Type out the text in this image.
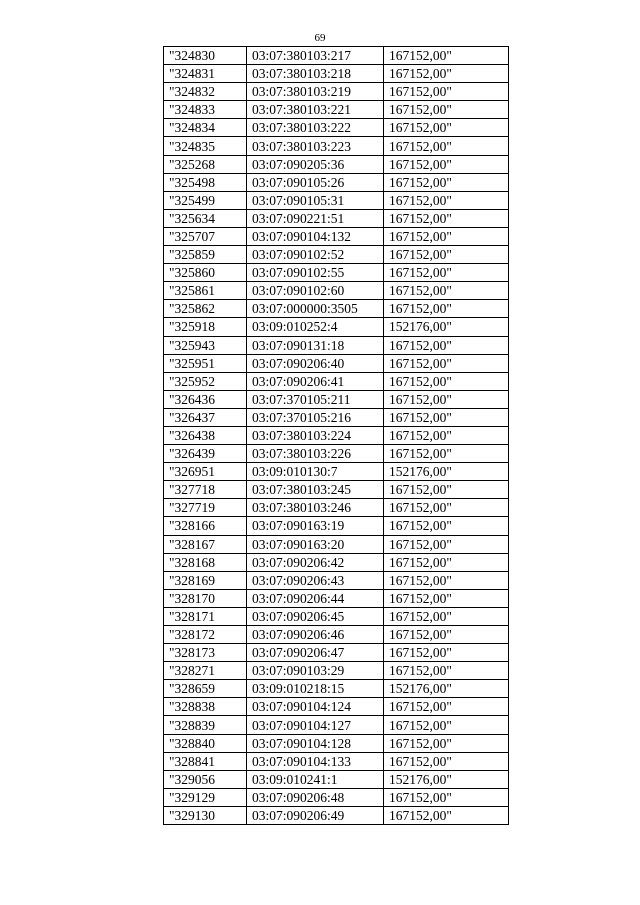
69
"324830	03:07:380103:217	167152,00"
"324831	03:07:380103:218	167152,00"
"324832	03:07:380103:219	167152,00"
"324833	03:07:380103:221	167152,00"
"324834	03:07:380103:222	167152,00"
"324835	03:07:380103:223	167152,00"
"325268	03:07:090205:36	167152,00"
"325498	03:07:090105:26	167152,00"
"325499	03:07:090105:31	167152,00"
"325634	03:07:090221:51	167152,00"
"325707	03:07:090104:132	167152,00"
"325859	03:07:090102:52	167152,00"
"325860	03:07:090102:55	167152,00"
"325861	03:07:090102:60	167152,00"
"325862	03:07:000000:3505	167152,00"
"325918	03:09:010252:4	152176,00"
"325943	03:07:090131:18	167152,00"
"325951	03:07:090206:40	167152,00"
"325952	03:07:090206:41	167152,00"
"326436	03:07:370105:211	167152,00"
"326437	03:07:370105:216	167152,00"
"326438	03:07:380103:224	167152,00"
"326439	03:07:380103:226	167152,00"
"326951	03:09:010130:7	152176,00"
"327718	03:07:380103:245	167152,00"
"327719	03:07:380103:246	167152,00"
"328166	03:07:090163:19	167152,00"
"328167	03:07:090163:20	167152,00"
"328168	03:07:090206:42	167152,00"
"328169	03:07:090206:43	167152,00"
"328170	03:07:090206:44	167152,00"
"328171	03:07:090206:45	167152,00"
"328172	03:07:090206:46	167152,00"
"328173	03:07:090206:47	167152,00"
"328271	03:07:090103:29	167152,00"
"328659	03:09:010218:15	152176,00"
"328838	03:07:090104:124	167152,00"
"328839	03:07:090104:127	167152,00"
"328840	03:07:090104:128	167152,00"
"328841	03:07:090104:133	167152,00"
"329056	03:09:010241:1	152176,00"
"329129	03:07:090206:48	167152,00"
"329130	03:07:090206:49	167152,00"
